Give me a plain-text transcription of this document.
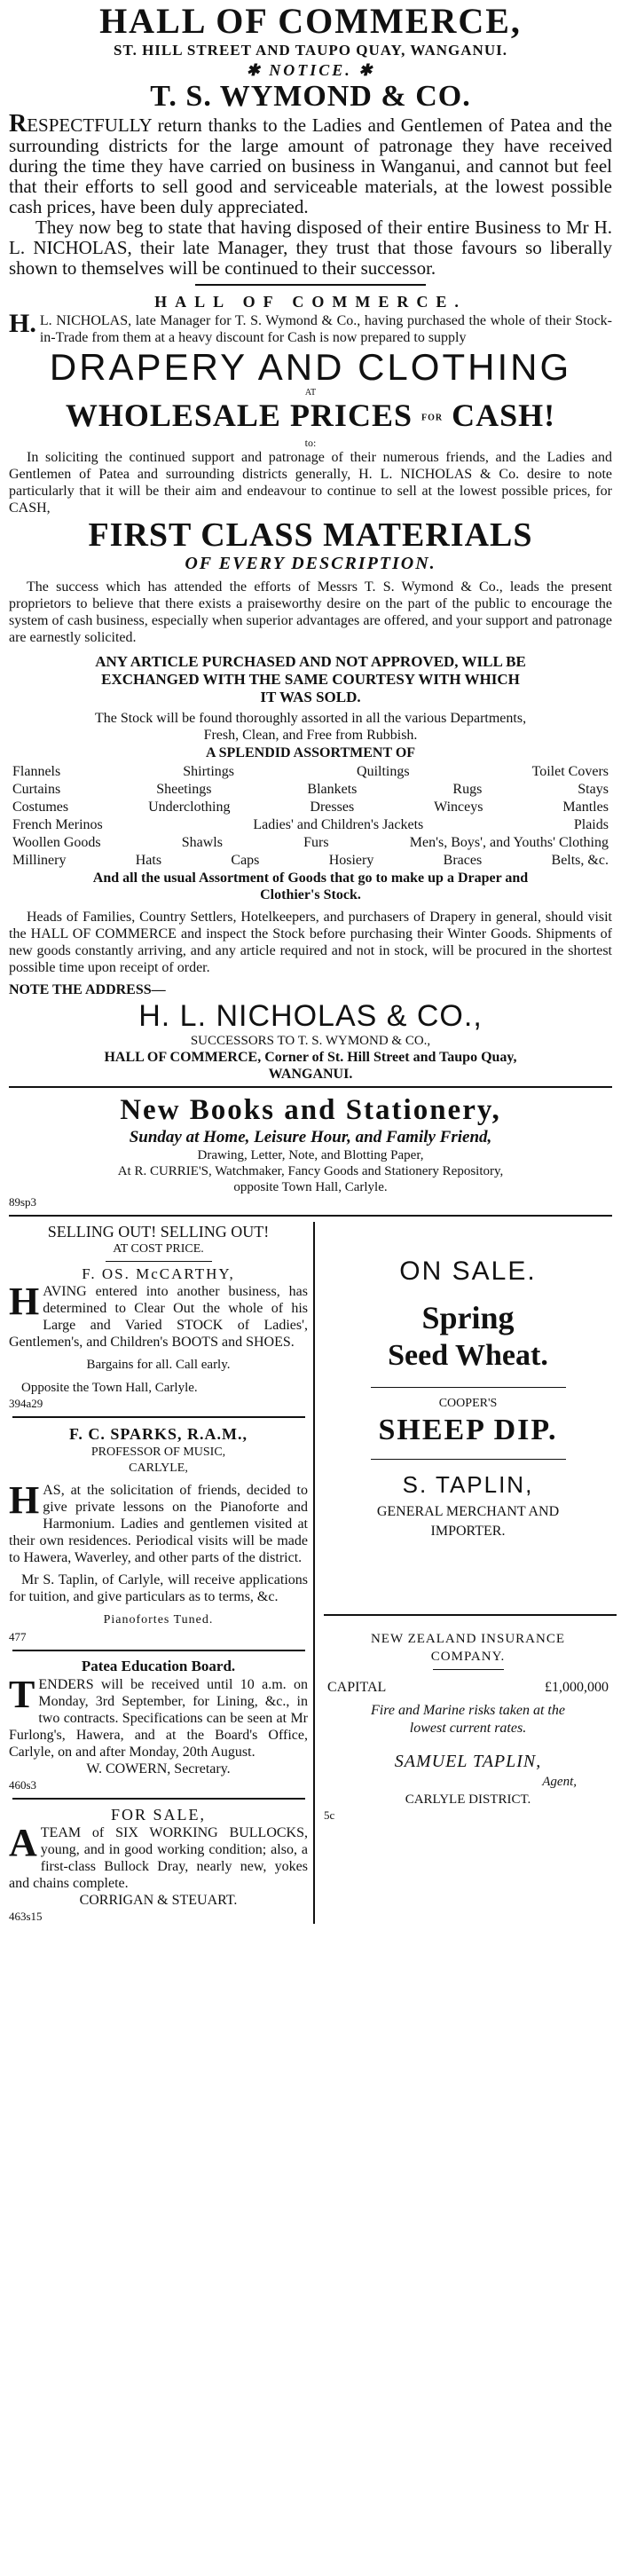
HALL OF COMMERCE,
ST. HILL STREET AND TAUPO QUAY, WANGANUI.
✱ NOTICE. ✱
T. S. WYMOND & CO.

RESPECTFULLY return thanks to the Ladies and Gentlemen of Patea and the surrounding districts for the large amount of patronage they have received during the time they have carried on business in Wanganui, and cannot but feel that their efforts to sell good and serviceable materials, at the lowest possible cash prices, have been duly appreciated.

They now beg to state that having disposed of their entire Business to Mr H. L. NICHOLAS, their late Manager, they trust that those favours so liberally shown to themselves will be continued to their successor.

HALL OF COMMERCE.

H. L. NICHOLAS, late Manager for T. S. Wymond & Co., having purchased the whole of their Stock-in-Trade from them at a heavy discount for Cash is now prepared to supply

DRAPERY AND CLOTHING
AT
WHOLESALE PRICES FOR CASH!
to:

In soliciting the continued support and patronage of their numerous friends, and the Ladies and Gentlemen of Patea and surrounding districts generally, H. L. NICHOLAS & Co. desire to note particularly that it will be their aim and endeavour to continue to sell at the lowest possible prices, for CASH,

FIRST CLASS MATERIALS
OF EVERY DESCRIPTION.

The success which has attended the efforts of Messrs T. S. Wymond & Co., leads the present proprietors to believe that there exists a praiseworthy desire on the part of the public to encourage the system of cash business, especially when superior advantages are offered, and your support and patronage are earnestly solicited.

ANY ARTICLE PURCHASED AND NOT APPROVED, WILL BE
EXCHANGED WITH THE SAME COURTESY WITH WHICH
IT WAS SOLD.
The Stock will be found thoroughly assorted in all the various Departments,
Fresh, Clean, and Free from Rubbish.
A SPLENDID ASSORTMENT OF
Flannels	Shirtings	Quiltings	Toilet Covers
Curtains	Sheetings	Blankets	Rugs	Stays
Costumes	Underclothing	Dresses	Winceys	Mantles
French Merinos	Ladies' and Children's Jackets	Plaids
Woollen Goods	Shawls	Furs	Men's, Boys', and Youths' Clothing
Millinery	Hats	Caps	Hosiery	Braces	Belts, &c.
And all the usual Assortment of Goods that go to make up a Draper and
Clothier's Stock.

Heads of Families, Country Settlers, Hotelkeepers, and purchasers of Drapery in general, should visit the HALL OF COMMERCE and inspect the Stock before purchasing their Winter Goods. Shipments of new goods constantly arriving, and any article required and not in stock, will be procured in the shortest possible time upon receipt of order.

NOTE THE ADDRESS—
H. L. NICHOLAS & CO.,
SUCCESSORS TO T. S. WYMOND & CO.,
HALL OF COMMERCE, Corner of St. Hill Street and Taupo Quay,
WANGANUI.
New Books and Stationery,
Sunday at Home, Leisure Hour, and Family Friend,
Drawing, Letter, Note, and Blotting Paper,
At R. CURRIE'S, Watchmaker, Fancy Goods and Stationery Repository,
opposite Town Hall, Carlyle.
89sp3
SELLING OUT! SELLING OUT!
AT COST PRICE.
F. OS. McCARTHY,

HAVING entered into another business, has determined to Clear Out the whole of his Large and Varied STOCK of Ladies', Gentlemen's, and Children's BOOTS and SHOES.

Bargains for all. Call early.
Opposite the Town Hall, Carlyle.
394a29
F. C. SPARKS, R.A.M.,
PROFESSOR OF MUSIC,
CARLYLE,

HAS, at the solicitation of friends, decided to give private lessons on the Pianoforte and Harmonium. Ladies and gentlemen visited at their own residences. Periodical visits will be made to Hawera, Waverley, and other parts of the district.

Mr S. Taplin, of Carlyle, will receive applications for tuition, and give particulars as to terms, &c.

Pianofortes Tuned.
477
Patea Education Board.

TENDERS will be received until 10 a.m. on Monday, 3rd September, for Lining, &c., in two contracts. Specifications can be seen at Mr Furlong's, Hawera, and at the Board's Office, Carlyle, on and after Monday, 20th August.

W. COWERN, Secretary.
460s3
FOR SALE,

ATEAM of SIX WORKING BULLOCKS, young, and in good working condition; also, a first-class Bullock Dray, nearly new, yokes and chains complete.

CORRIGAN & STEUART.
463s15
ON SALE.
Spring
Seed Wheat.
COOPER'S
SHEEP DIP.
S. TAPLIN,
GENERAL MERCHANT AND
IMPORTER.
NEW ZEALAND INSURANCE
COMPANY.
CAPITAL	£1,000,000
Fire and Marine risks taken at the
lowest current rates.
SAMUEL TAPLIN,
Agent,
CARLYLE DISTRICT.
5c
